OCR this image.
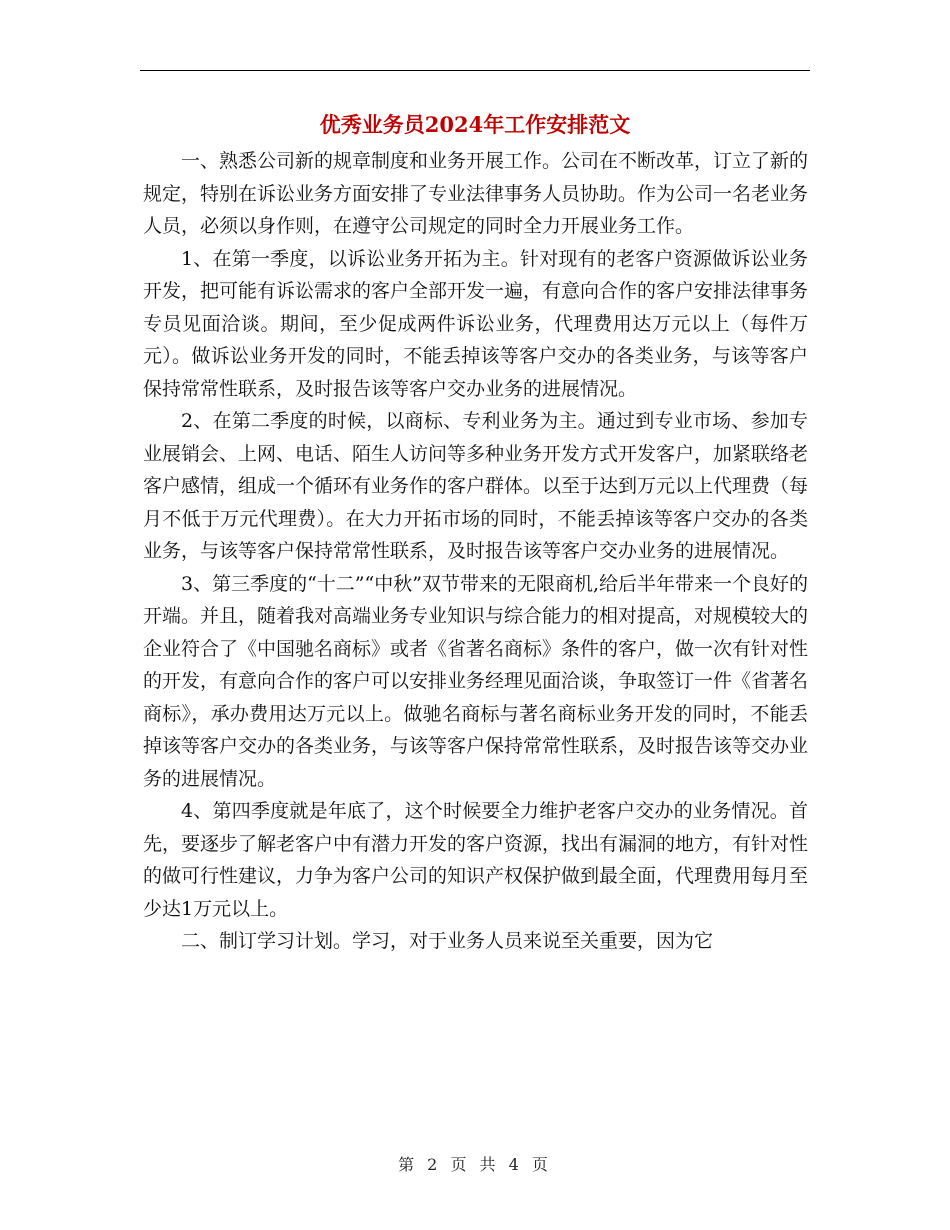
优秀业务员2024年工作安排范文

一、熟悉公司新的规章制度和业务开展工作。公司在不断改革，订立了新的规定，特别在诉讼业务方面安排了专业法律事务人员协助。作为公司一名老业务人员，必须以身作则，在遵守公司规定的同时全力开展业务工作。

1、在第一季度，以诉讼业务开拓为主。针对现有的老客户资源做诉讼业务开发，把可能有诉讼需求的客户全部开发一遍，有意向合作的客户安排法律事务专员见面洽谈。期间，至少促成两件诉讼业务，代理费用达万元以上（每件万元）。做诉讼业务开发的同时，不能丢掉该等客户交办的各类业务，与该等客户保持常常性联系，及时报告该等客户交办业务的进展情况。

2、在第二季度的时候，以商标、专利业务为主。通过到专业市场、参加专业展销会、上网、电话、陌生人访问等多种业务开发方式开发客户，加紧联络老客户感情，组成一个循环有业务作的客户群体。以至于达到万元以上代理费（每月不低于万元代理费）。在大力开拓市场的同时，不能丢掉该等客户交办的各类业务，与该等客户保持常常性联系，及时报告该等客户交办业务的进展情况。

3、第三季度的“十二”“中秋”双节带来的无限商机,给后半年带来一个良好的开端。并且，随着我对高端业务专业知识与综合能力的相对提高，对规模较大的企业符合了《中国驰名商标》或者《省著名商标》条件的客户，做一次有针对性的开发，有意向合作的客户可以安排业务经理见面洽谈，争取签订一件《省著名商标》，承办费用达万元以上。做驰名商标与著名商标业务开发的同时，不能丢掉该等客户交办的各类业务，与该等客户保持常常性联系，及时报告该等交办业务的进展情况。

4、第四季度就是年底了，这个时候要全力维护老客户交办的业务情况。首先，要逐步了解老客户中有潜力开发的客户资源，找出有漏洞的地方，有针对性的做可行性建议，力争为客户公司的知识产权保护做到最全面，代理费用每月至少达1万元以上。

二、制订学习计划。学习，对于业务人员来说至关重要，因为它

第 2 页 共 4 页
